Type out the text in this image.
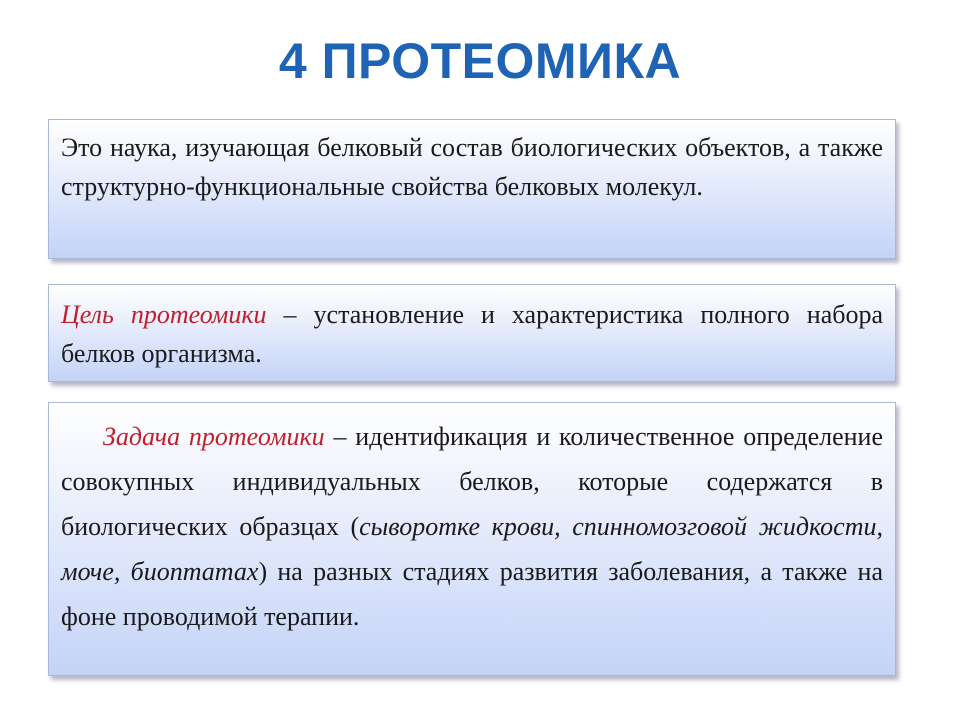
4 ПРОТЕОМИКА

Это наука, изучающая белковый состав биологических объектов, а также структурно-функциональные свойства белковых молекул.

Цель протеомики – установление и характеристика полного набора белков организма.

Задача протеомики – идентификация и количественное определение совокупных индивидуальных белков, которые содержатся в биологических образцах (сыворотке крови, спинномозговой жидкости, моче, биоптатах) на разных стадиях развития заболевания, а также на фоне проводимой терапии.
